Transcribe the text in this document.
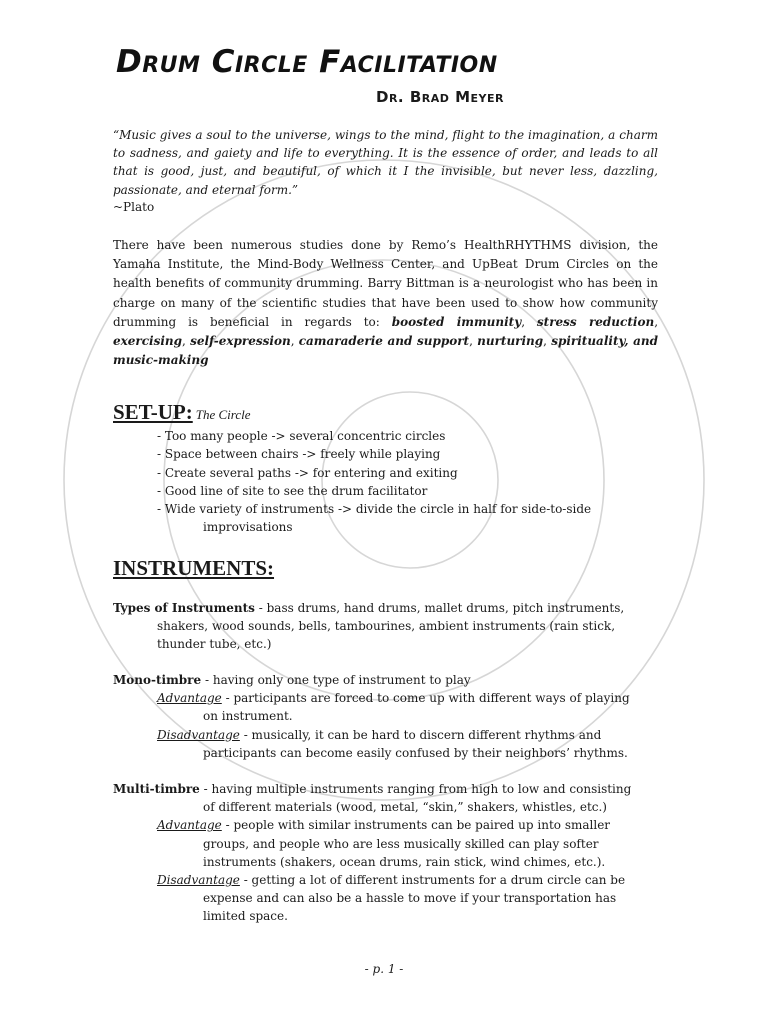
Drum Circle Facilitation
Dr. Brad Meyer

“Music gives a soul to the universe, wings to the mind, flight to the imagination, a charm to sadness, and gaiety and life to everything. It is the essence of order, and leads to all that is good, just, and beautiful, of which it I the invisible, but never less, dazzling, passionate, and eternal form.”

~Plato

There have been numerous studies done by Remo’s HealthRHYTHMS division, the Yamaha Institute, the Mind-Body Wellness Center, and UpBeat Drum Circles on the health benefits of community drumming. Barry Bittman is a neurologist who has been in charge on many of the scientific studies that have been used to show how community drumming is beneficial in regards to: boosted immunity, stress reduction, exercising, self-expression, camaraderie and support, nurturing, spirituality, and music-making

SET-UP: The Circle
- Too many people -> several concentric circles
- Space between chairs -> freely while playing
- Create several paths -> for entering and exiting
- Good line of site to see the drum facilitator
- Wide variety of instruments -> divide the circle in half for side-to-side
improvisations
INSTRUMENTS:

Types of Instruments - bass drums, hand drums, mallet drums, pitch instruments,
shakers, wood sounds, bells, tambourines, ambient instruments (rain stick,
thunder tube, etc.)

Mono-timbre - having only one type of instrument to play
Advantage - participants are forced to come up with different ways of playing
on instrument.
Disadvantage - musically, it can be hard to discern different rhythms and
participants can become easily confused by their neighbors’ rhythms.

Multi-timbre - having multiple instruments ranging from high to low and consisting
of different materials (wood, metal, “skin,” shakers, whistles, etc.)
Advantage - people with similar instruments can be paired up into smaller
groups, and people who are less musically skilled can play softer
instruments (shakers, ocean drums, rain stick, wind chimes, etc.).
Disadvantage - getting a lot of different instruments for a drum circle can be
expense and can also be a hassle to move if your transportation has
limited space.

- p. 1 -
